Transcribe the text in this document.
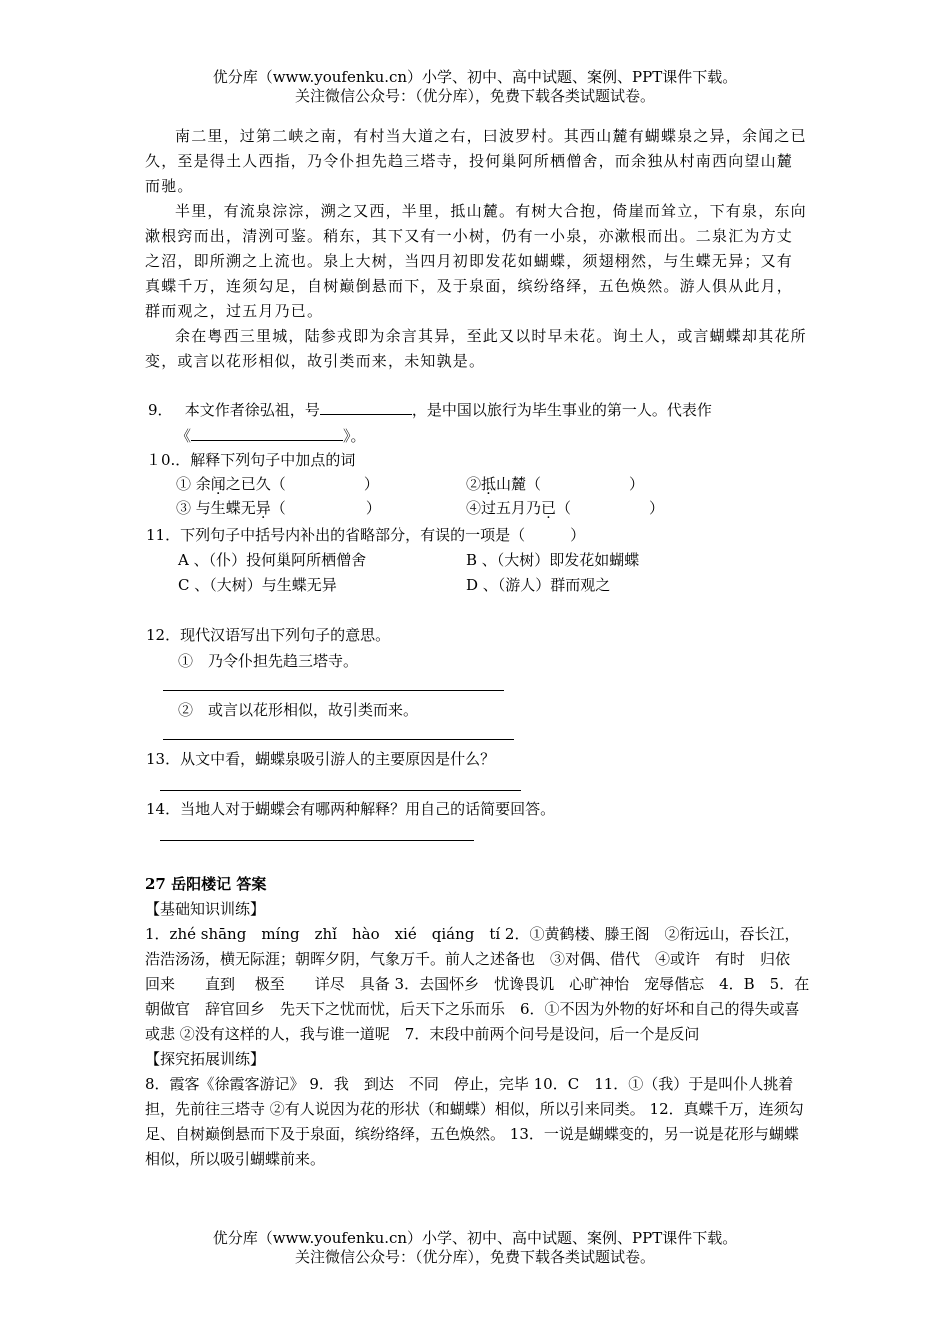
优分库（www.youfenku.cn）小学、初中、高中试题、案例、PPT课件下载。
关注微信公众号：（优分库），免费下载各类试题试卷。

南二里，过第二峡之南，有村当大道之右，曰波罗村。其西山麓有蝴蝶泉之异，余闻之已久，至是得土人西指，乃令仆担先趋三塔寺，投何巢阿所栖僧舍，而余独从村南西向望山麓而驰。

半里，有流泉淙淙，溯之又西，半里，抵山麓。有树大合抱，倚崖而耸立，下有泉，东向漱根窍而出，清洌可鉴。稍东，其下又有一小树，仍有一小泉，亦漱根而出。二泉汇为方丈之沼，即所溯之上流也。泉上大树，当四月初即发花如蝴蝶，须翅栩然，与生蝶无异；又有真蝶千万，连须勾足，自树巅倒悬而下，及于泉面，缤纷络绎，五色焕然。游人俱从此月，群而观之，过五月乃已。

余在粤西三里城，陆参戎即为余言其异，至此又以时早未花。询土人，或言蝴蝶却其花所变，或言以花形相似，故引类而来，未知孰是。

9．　 本文作者徐弘祖，号	，是中国以旅行为毕生事业的第一人。代表作
《	》。
１0.．解释下列句子中加点的词
① 余闻之已久（	）	②抵山麓（	）
③ 与生蝶无异（	）	④过五月乃已（	）
11．下列句子中括号内补出的省略部分，有误的一项是（　　　）
A 、（仆）投何巢阿所栖僧舍	B 、（大树）即发花如蝴蝶
C 、（大树）与生蝶无异	D 、（游人）群而观之
12．现代汉语写出下列句子的意思。
①　乃令仆担先趋三塔寺。
②　或言以花形相似，故引类而来。
13．从文中看，蝴蝶泉吸引游人的主要原因是什么？
14．当地人对于蝴蝶会有哪两种解释？用自己的话简要回答。
27 岳阳楼记 答案

【基础知识训练】

1．zhé shāng　míng　zhǐ　hào　xié　qiáng　tí 2．①黄鹤楼、滕王阁　②衔远山，吞长江，浩浩汤汤，横无际涯；朝晖夕阴，气象万千。前人之述备也　③对偶、借代　④或许　有时　归依　回来　　直到　 极至　　详尽　具备 3．去国怀乡　忧谗畏讥　心旷神怡　宠辱偕忘　4．B　5．在朝做官　辞官回乡　先天下之忧而忧，后天下之乐而乐　6．①不因为外物的好坏和自己的得失或喜或悲 ②没有这样的人，我与谁一道呢　7．末段中前两个问号是设问，后一个是反问

【探究拓展训练】

8．霞客《徐霞客游记》 9．我　到达　不同　停止，完毕 10．C　11．①（我）于是叫仆人挑着担，先前往三塔寺 ②有人说因为花的形状（和蝴蝶）相似，所以引来同类。 12．真蝶千万，连须勾足、自树巅倒悬而下及于泉面，缤纷络绎，五色焕然。 13．一说是蝴蝶变的，另一说是花形与蝴蝶相似，所以吸引蝴蝶前来。

优分库（www.youfenku.cn）小学、初中、高中试题、案例、PPT课件下载。
关注微信公众号：（优分库），免费下载各类试题试卷。
